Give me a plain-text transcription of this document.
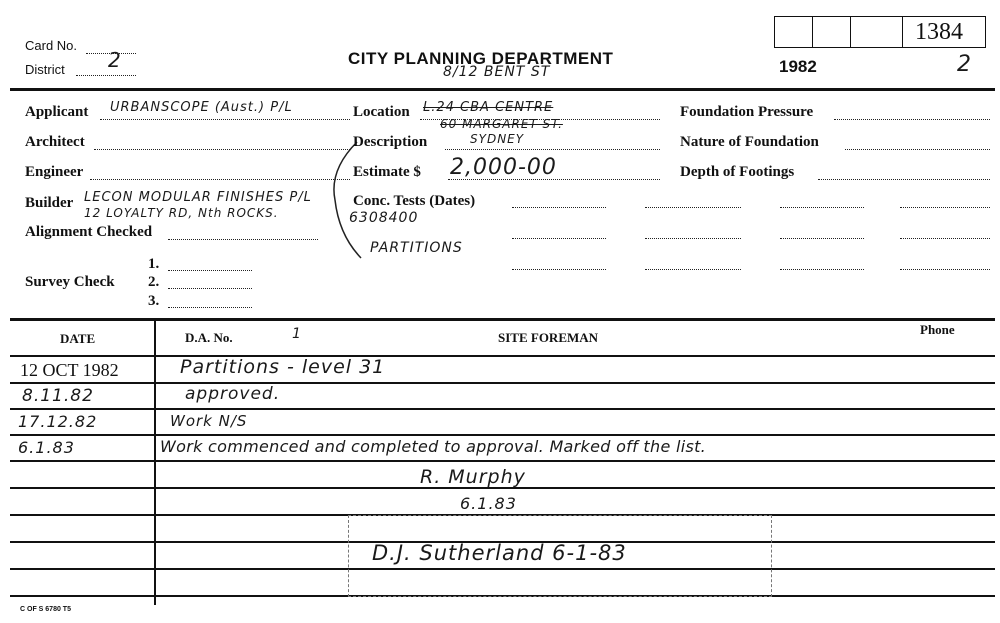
Card No.
District 2	CITY PLANNING DEPARTMENT
8/12 BENT ST
1384
1982	2
Applicant URBANSCOPE (Aust.) P/L
Architect
Engineer
Builder LECON MODULAR FINISHES P/L
12 LOYALTY RD, Nth ROCKS.	6308400
Alignment Checked
1.
Survey Check 2.
3.
Location L.24 CBA CENTRE
60 MARGARET ST.
Description	SYDNEY
Estimate $ 2,000-00
Conc. Tests (Dates)
PARTITIONS
Foundation Pressure
Nature of Foundation
Depth of Footings
DATE	D.A. No.	1	SITE FOREMAN
Phone
12 OCT 1982	Partitions - level 31
8.11.82	approved.
17.12.82	Work N/S
6.1.83	Work commenced and completed to approval. Marked off the list.
R. Murphy
6.1.83
D.J. Sutherland 6-1-83
C OF S 6780 T5
